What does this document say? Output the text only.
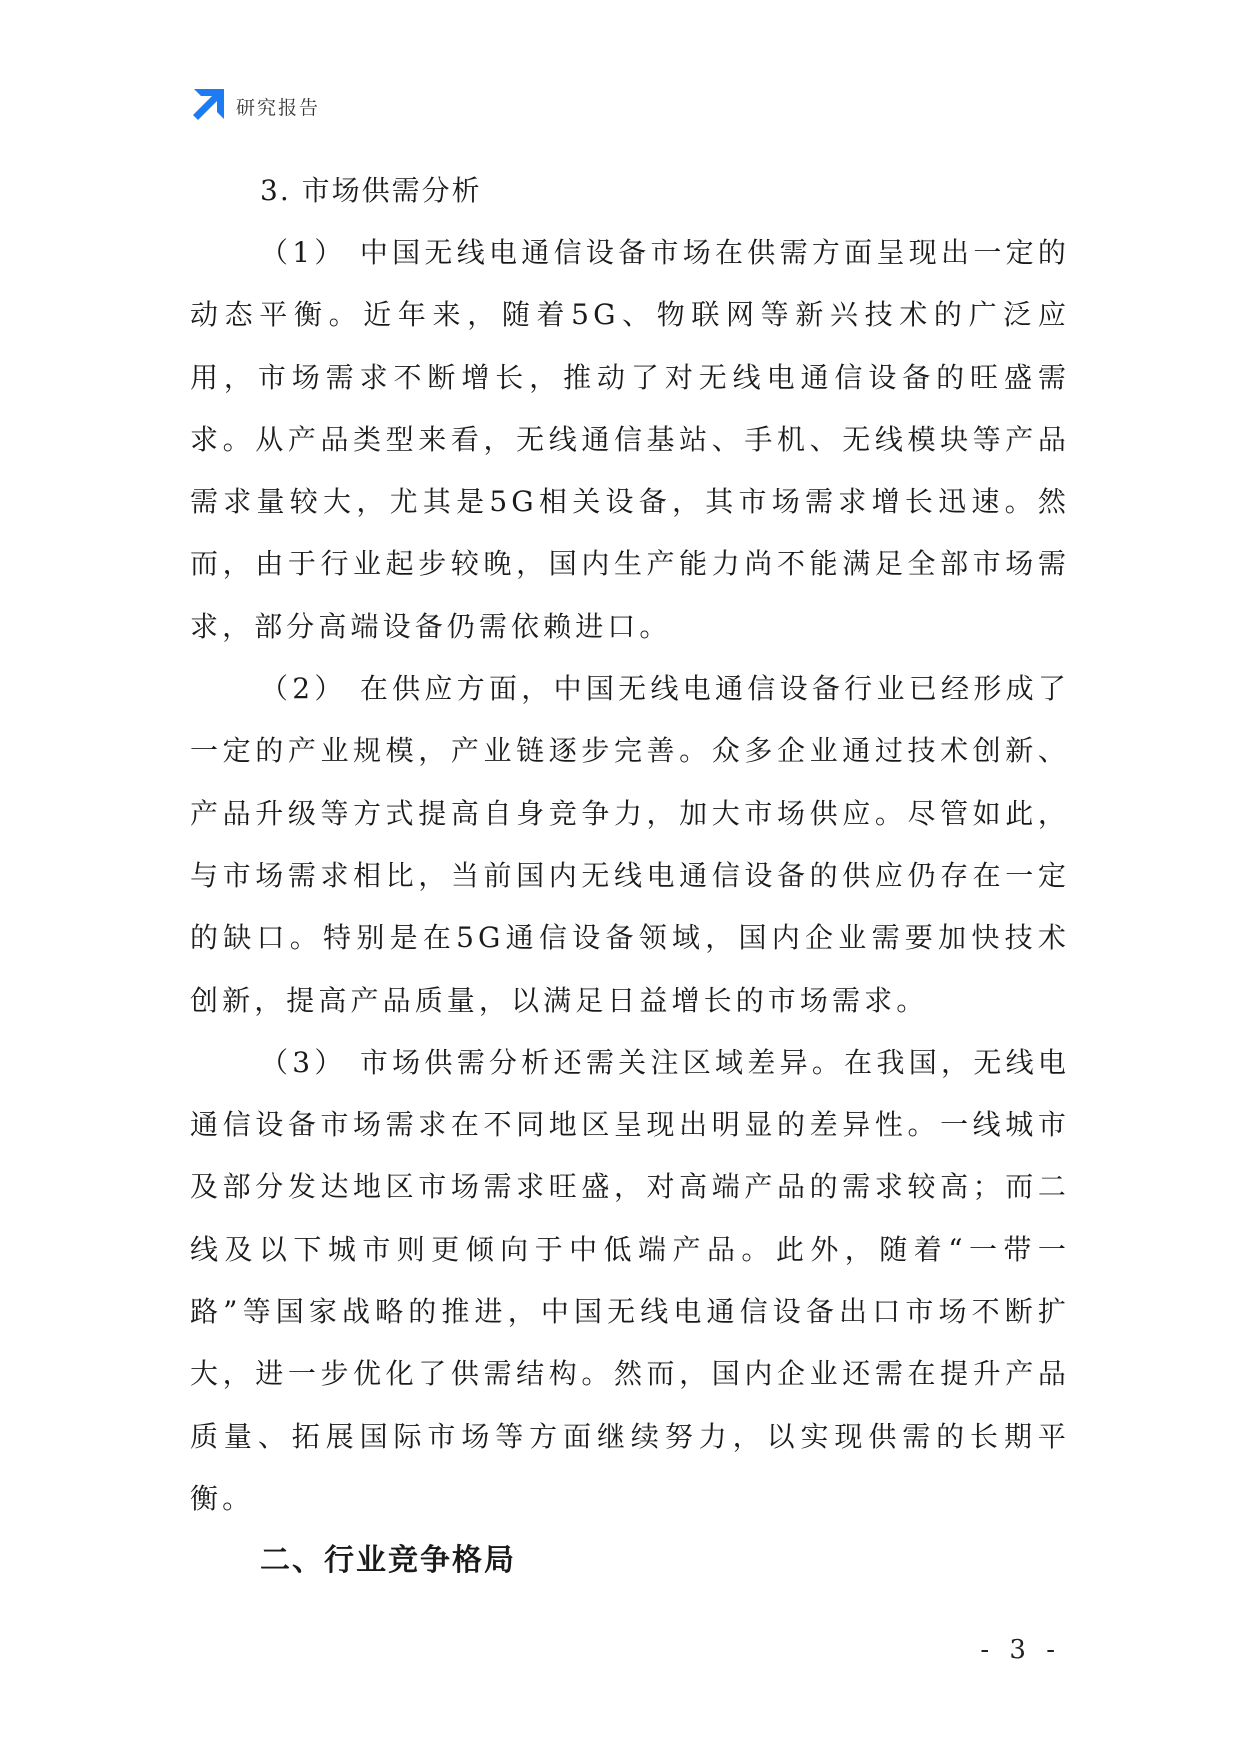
研究报告
3. 市场供需分析

（1） 中国无线电通信设备市场在供需方面呈现出一定的动态平衡。近年来，随着5G、物联网等新兴技术的广泛应用，市场需求不断增长，推动了对无线电通信设备的旺盛需求。从产品类型来看，无线通信基站、手机、无线模块等产品需求量较大，尤其是5G相关设备，其市场需求增长迅速。然而，由于行业起步较晚，国内生产能力尚不能满足全部市场需求，部分高端设备仍需依赖进口。

（2） 在供应方面，中国无线电通信设备行业已经形成了一定的产业规模，产业链逐步完善。众多企业通过技术创新、产品升级等方式提高自身竞争力，加大市场供应。尽管如此，与市场需求相比，当前国内无线电通信设备的供应仍存在一定的缺口。特别是在5G通信设备领域，国内企业需要加快技术创新，提高产品质量，以满足日益增长的市场需求。

（3） 市场供需分析还需关注区域差异。在我国，无线电通信设备市场需求在不同地区呈现出明显的差异性。一线城市及部分发达地区市场需求旺盛，对高端产品的需求较高；而二线及以下城市则更倾向于中低端产品。此外，随着“一带一路”等国家战略的推进，中国无线电通信设备出口市场不断扩大，进一步优化了供需结构。然而，国内企业还需在提升产品质量、拓展国际市场等方面继续努力，以实现供需的长期平衡。

二、行业竞争格局
- 3 -
